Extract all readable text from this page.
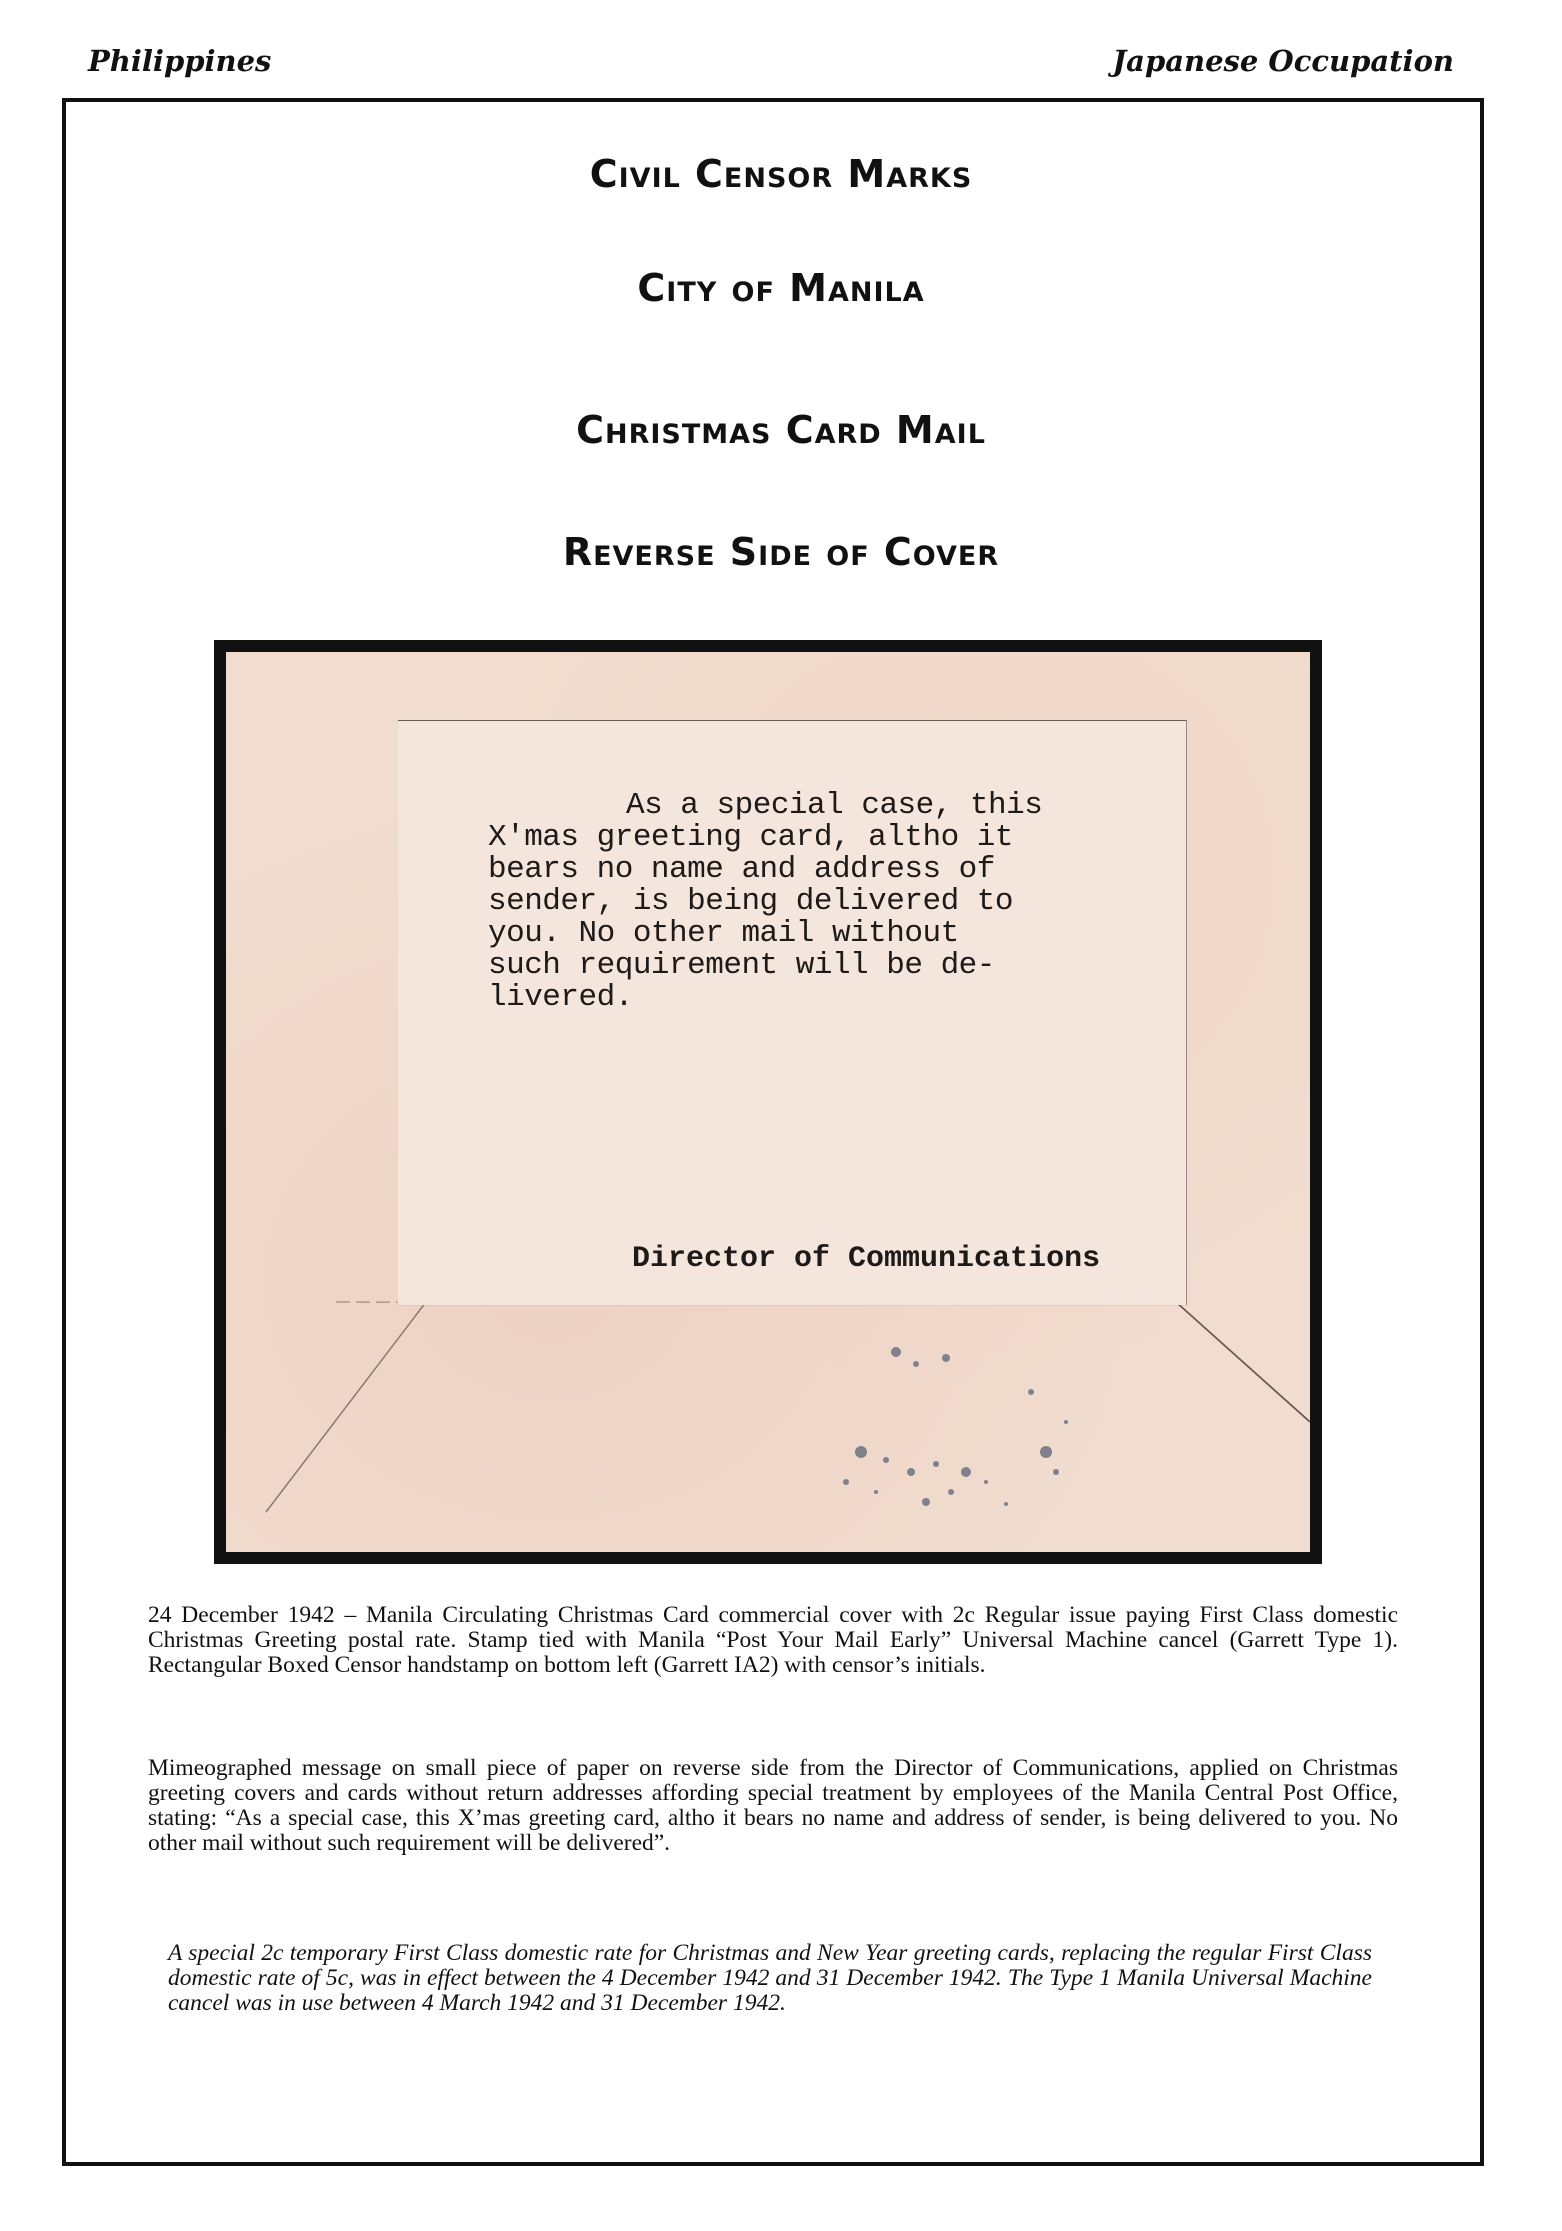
Philippines	Japanese Occupation
Civil Censor Marks
City of Manila
Christmas Card Mail
Reverse Side of Cover
As a special case, this
X'mas greeting card, altho it
bears no name and address of
sender, is being delivered to
you. No other mail without
such requirement will be de-
livered.
Director of Communications
24 December 1942 – Manila Circulating Christmas Card commercial cover with 2c Regular issue paying First Class domestic Christmas Greeting postal rate. Stamp tied with Manila “Post Your Mail Early” Universal Machine cancel (Garrett Type 1). Rectangular Boxed Censor handstamp on bottom left (Garrett IA2) with censor’s initials.
Mimeographed message on small piece of paper on reverse side from the Director of Communications, applied on Christmas greeting covers and cards without return addresses affording special treatment by employees of the Manila Central Post Office, stating: “As a special case, this X’mas greeting card, altho it bears no name and address of sender, is being delivered to you. No other mail without such requirement will be delivered”.
A special 2c temporary First Class domestic rate for Christmas and New Year greeting cards, replacing the regular First Class domestic rate of 5c, was in effect between the 4 December 1942 and 31 December 1942. The Type 1 Manila Universal Machine cancel was in use between 4 March 1942 and 31 December 1942.
